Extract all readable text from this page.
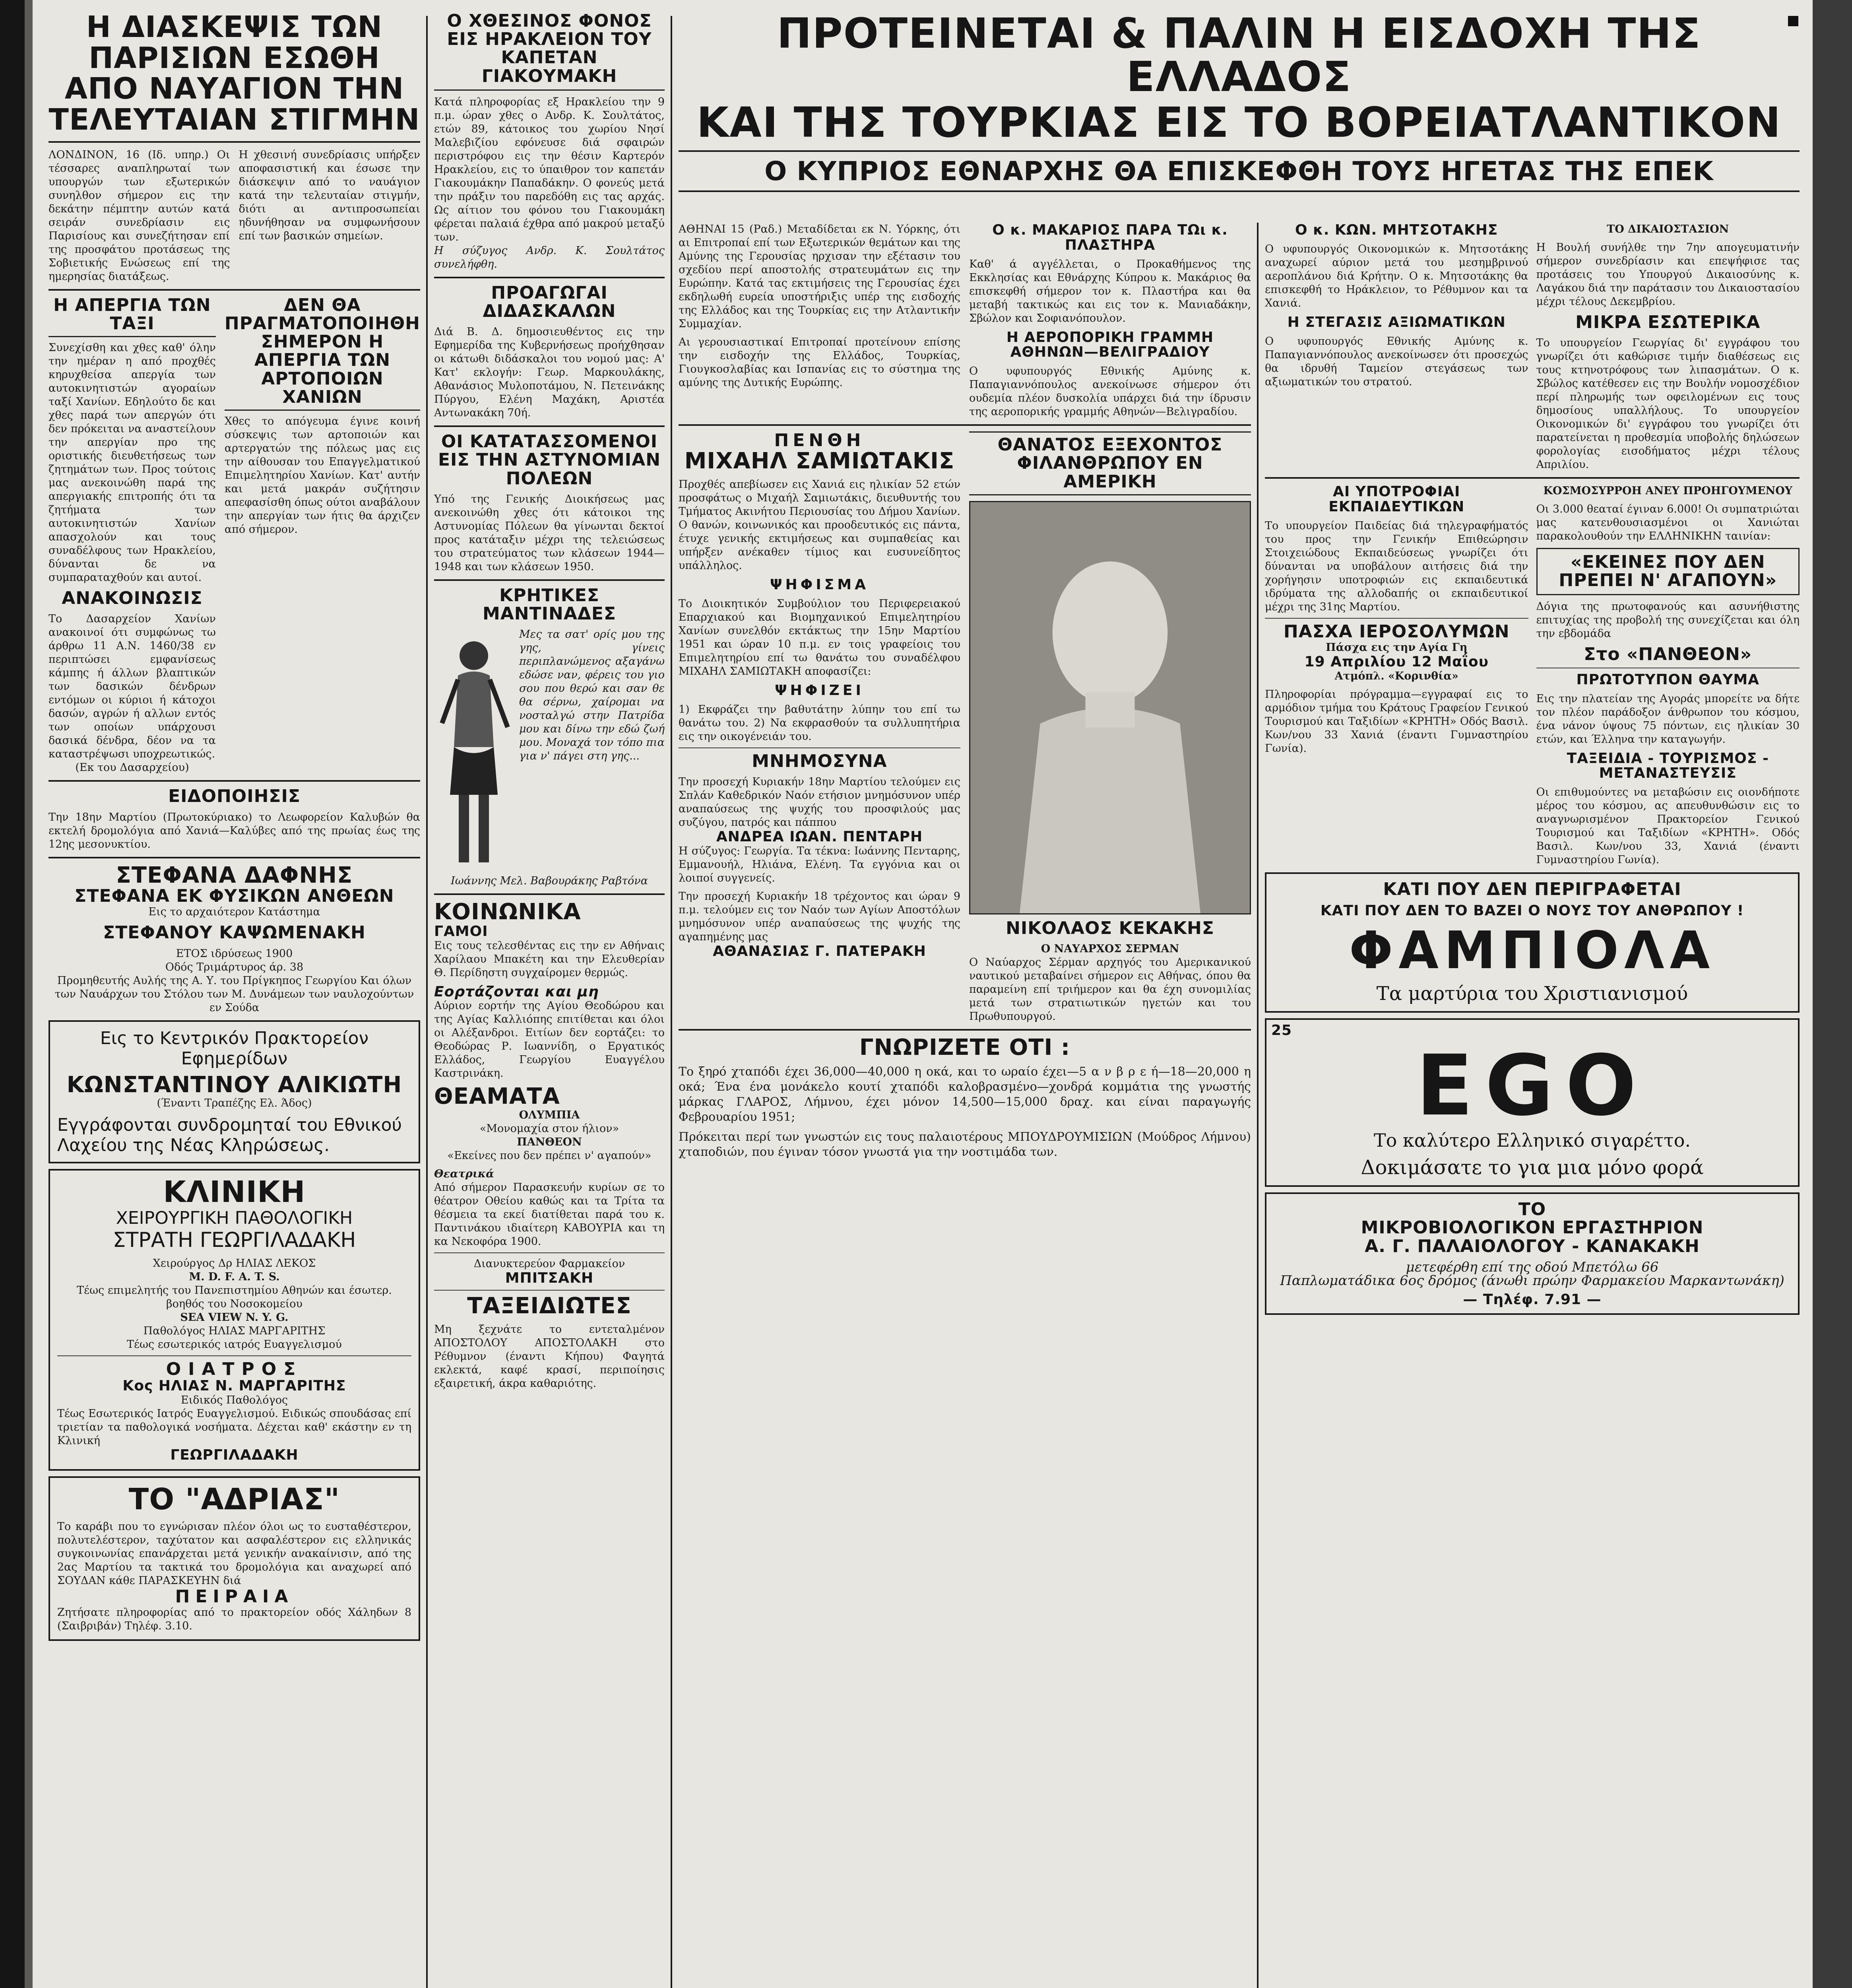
Η ΔΙΑΣΚΕΨΙΣ ΤΩΝ ΠΑΡΙΣΙΩΝ ΕΣΩΘΗ ΑΠΟ ΝΑΥΑΓΙΟΝ ΤΗΝ ΤΕΛΕΥΤΑΙΑΝ ΣΤΙΓΜΗΝ
ΛΟΝΔΙΝΟΝ, 16 (Ιδ. υπηρ.) Οι τέσσαρες αναπληρωταί των υπουργών των εξωτερικών συνηλθον σήμερον εις την δεκάτην πέμπτην αυτών κατά σειράν συνεδρίασιν εις Παρισίους και συνεζήτησαν επί της προσφάτου προτάσεως της Σοβιετικής Ενώσεως επί της ημερησίας διατάξεως.
Η χθεσινή συνεδρίασις υπήρξεν αποφασιστική και έσωσε την διάσκεψιν από το ναυάγιον κατά την τελευταίαν στιγμήν, διότι αι αντιπροσωπείαι ηδυνήθησαν να συμφωνήσουν επί των βασικών σημείων.
Η ΑΠΕΡΓΙΑ ΤΩΝ ΤΑΞΙ
Συνεχίσθη και χθες καθ' όλην την ημέραν η από προχθές κηρυχθείσα απεργία των αυτοκινητιστών αγοραίων ταξί Χανίων. Εδηλούτο δε και χθες παρά των απεργών ότι δεν πρόκειται να αναστείλουν την απεργίαν προ της οριστικής διευθετήσεως των ζητημάτων των. Προς τούτοις μας ανεκοινώθη παρά της απεργιακής επιτροπής ότι τα ζητήματα των αυτοκινητιστών Χανίων απασχολούν και τους συναδέλφους των Ηρακλείου, δύνανται δε να συμπαραταχθούν και αυτοί.
ΑΝΑΚΟΙΝΩΣΙΣ
Το Δασαρχείον Χανίων ανακοινοί ότι συμφώνως τω άρθρω 11 Α.Ν. 1460/38 εν περιπτώσει εμφανίσεως κάμπης ή άλλων βλαπτικών των δασικών δένδρων εντόμων οι κύριοι ή κάτοχοι δασών, αγρών ή αλλων εντός των οποίων υπάρχουσι δασικά δένδρα, δέον να τα καταστρέψωσι υποχρεωτικώς.
(Εκ του Δασαρχείου)
ΔΕΝ ΘΑ ΠΡΑΓΜΑΤΟΠΟΙΗΘΗ ΣΗΜΕΡΟΝ Η ΑΠΕΡΓΙΑ ΤΩΝ ΑΡΤΟΠΟΙΩΝ ΧΑΝΙΩΝ
Χθες το απόγευμα έγινε κοινή σύσκεψις των αρτοποιών και αρτεργατών της πόλεως μας εις την αίθουσαν του Επαγγελματικού Επιμελητηρίου Χανίων. Κατ' αυτήν και μετά μακράν συζήτησιν απεφασίσθη όπως ούτοι αναβάλουν την απεργίαν των ήτις θα άρχιζεν από σήμερον.
ΕΙΔΟΠΟΙΗΣΙΣ
Την 18ην Μαρτίου (Πρωτοκύριακο) το Λεωφορείον Καλυβών θα εκτελή δρομολόγια από Χανιά—Καλύβες από της πρωίας έως της 12ης μεσονυκτίου.
ΣΤΕΦΑΝΑ ΔΑΦΝΗΣ
ΣΤΕΦΑΝΑ ΕΚ ΦΥΣΙΚΩΝ ΑΝΘΕΩΝ
Εις το αρχαιότερον Κατάστημα
ΣΤΕΦΑΝΟΥ ΚΑΨΩΜΕΝΑΚΗ
ΕΤΟΣ ιδρύσεως 1900
Οδός Τριμάρτυρος άρ. 38
Προμηθευτής Αυλής της Α. Υ. του Πρίγκηπος Γεωργίου Και όλων των Ναυάρχων του Στόλου των Μ. Δυνάμεων των ναυλοχούντων εν Σούδα
Εις το Κεντρικόν Πρακτορείον Εφημερίδων
ΚΩΝΣΤΑΝΤΙΝΟΥ ΑΛΙΚΙΩΤΗ
(Έναντι Τραπέζης Ελ. Άδος)
Εγγράφονται συνδρομηταί του Εθνικού Λαχείου της Νέας Κληρώσεως.
ΚΛΙΝΙΚΗ
ΧΕΙΡΟΥΡΓΙΚΗ ΠΑΘΟΛΟΓΙΚΗ
ΣΤΡΑΤΗ ΓΕΩΡΓΙΛΑΔΑΚΗ
Χειρούργος Δρ ΗΛΙΑΣ ΛΕΚΟΣ
M. D. F. A. T. S.
Τέως επιμελητής του Πανεπιστημίου Αθηνών και έσωτερ. βοηθός του Νοσοκομείου
SEA VIEW N. Y. G.
Παθολόγος ΗΛΙΑΣ ΜΑΡΓΑΡΙΤΗΣ
Τέως εσωτερικός ιατρός Ευαγγελισμού
ΟΙΑΤΡΟΣ
Κος ΗΛΙΑΣ Ν. ΜΑΡΓΑΡΙΤΗΣ
Ειδικός Παθολόγος
Τέως Εσωτερικός Ιατρός Ευαγγελισμού. Ειδικώς σπουδάσας επί τριετίαν τα παθολογικά νοσήματα. Δέχεται καθ' εκάστην εν τη Κλινική
ΓΕΩΡΓΙΛΑΔΑΚΗ
ΤΟ "ΑΔΡΙΑΣ"
Το καράβι που το εγνώρισαν πλέον όλοι ως το ευσταθέστερον, πολυτελέστερον, ταχύτατον και ασφαλέστερον εις ελληνικάς συγκοινωνίας επανάρχεται μετά γενικήν ανακαίνισιν, από της 2ας Μαρτίου τα τακτικά του δρομολόγια και αναχωρεί από ΣΟΥΔΑΝ κάθε ΠΑΡΑΣΚΕΥΗΝ διά
ΠΕΙΡΑΙΑ
Ζητήσατε πληροφορίας από το πρακτορείον οδός Χάληδων 8 (Σαιβριβάν) Τηλέφ. 3.10.
Ο ΧΘΕΣΙΝΟΣ ΦΟΝΟΣ ΕΙΣ ΗΡΑΚΛΕΙΟΝ ΤΟΥ ΚΑΠΕΤΑΝ ΓΙΑΚΟΥΜΑΚΗ
Κατά πληροφορίας εξ Ηρακλείου την 9 π.μ. ώραν χθες ο Ανδρ. Κ. Σουλτάτος, ετών 89, κάτοικος του χωρίου Νησί Μαλεβιζίου εφόνευσε διά σφαιρών περιστρόφου εις την θέσιν Καρτερόν Ηρακλείου, εις το ύπαιθρον τον καπετάν Γιακουμάκην Παπαδάκην. Ο φονεύς μετά την πράξιν του παρεδόθη εις τας αρχάς. Ως αίτιον του φόνου του Γιακουμάκη φέρεται παλαιά έχθρα από μακρού μεταξύ των.
Η σύζυγος Ανδρ. Κ. Σουλτάτος συνελήφθη.
ΠΡΟΑΓΩΓΑΙ ΔΙΔΑΣΚΑΛΩΝ
Διά Β. Δ. δημοσιευθέντος εις την Εφημερίδα της Κυβερνήσεως προήχθησαν οι κάτωθι διδάσκαλοι του νομού μας: Α' Κατ' εκλογήν: Γεωρ. Μαρκουλάκης, Αθανάσιος Μυλοποτάμου, Ν. Πετεινάκης Πύργου, Ελένη Μαχάκη, Αριστέα Αντωνακάκη 70ή.
ΟΙ ΚΑΤΑΤΑΣΣΟΜΕΝΟΙ ΕΙΣ ΤΗΝ ΑΣΤΥΝΟΜΙΑΝ ΠΟΛΕΩΝ
Υπό της Γενικής Διοικήσεως μας ανεκοινώθη χθες ότι κάτοικοι της Αστυνομίας Πόλεων θα γίνωνται δεκτοί προς κατάταξιν μέχρι της τελειώσεως του στρατεύματος των κλάσεων 1944—1948 και των κλάσεων 1950.
ΚΡΗΤΙΚΕΣ ΜΑΝΤΙΝΑΔΕΣ
Μες τα σατ' ορίς μου της γης, γίνεις περιπλανώμενος αξαγάνω εδώσε ναν, φέρεις του γιο σου που θερώ και σαν θε θα σέρνω, χαίρομαι να νοσταλγώ στην Πατρίδα μου και δίνω την εδώ ζωή μου. Μοναχά τον τόπο πια για ν' πάγει στη γης...
Ιωάννης Μελ. Βαβουράκης Ραβτόνα
ΚΟΙΝΩΝΙΚΑ
ΓΑΜΟΙ
Εις τους τελεσθέντας εις την εν Αθήναις Χαρίλαου Μπακέτη και την Ελευθερίαν Θ. Περίδηστη συγχαίρομεν θερμώς.
Εορτάζονται και μη
Αύριον εορτήν της Αγίου Θεοδώρου και της Αγίας Καλλιόπης επιτίθεται και όλοι οι Αλέξανδροι. Ειτίων δεν εορτάζει: το Θεοδώρας Ρ. Ιωαννίδη, ο Εργατικός Ελλάδος, Γεωργίου Ευαγγέλου Καστρινάκη.
ΘΕΑΜΑΤΑ
ΟΛΥΜΠΙΑ
«Μονομαχία στον ήλιον»
ΠΑΝΘΕΟΝ
«Εκείνες που δεν πρέπει ν' αγαπούν»
Θεατρικά
Από σήμερον Παρασκευήν κυρίων σε το θέατρον Οθείου καθώς και τα Τρίτα τα θέσμεια τα εκεί διατίθεται παρά του κ. Παντινάκου ιδιαίτερη ΚΑΒΟΥΡΙΑ και τη κα Νεκοφόρα 1900.
Διανυκτερεύον Φαρμακείον
ΜΠΙΤΣΑΚΗ
ΤΑΞΕΙΔΙΩΤΕΣ
Μη ξεχνάτε το εντεταλμένον ΑΠΟΣΤΟΛΟΥ ΑΠΟΣΤΟΛΑΚΗ στο Ρέθυμνον (έναντι Κήπου) Φαγητά εκλεκτά, καφέ κρασί, περιποίησις εξαιρετική, άκρα καθαριότης.
ΠΡΟΤΕΙΝΕΤΑΙ & ΠΑΛΙΝ Η ΕΙΣΔΟΧΗ ΤΗΣ ΕΛΛΑΔΟΣ
ΚΑΙ ΤΗΣ ΤΟΥΡΚΙΑΣ ΕΙΣ ΤΟ ΒΟΡΕΙΑΤΛΑΝΤΙΚΟΝ
Ο ΚΥΠΡΙΟΣ ΕΘΝΑΡΧΗΣ ΘΑ ΕΠΙΣΚΕΦΘΗ ΤΟΥΣ ΗΓΕΤΑΣ ΤΗΣ ΕΠΕΚ
ΑΘΗΝΑΙ 15 (Ραδ.) Μεταδίδεται εκ Ν. Υόρκης, ότι αι Επιτροπαί επί των Εξωτερικών θεμάτων και της Αμύνης της Γερουσίας ηρχισαν την εξέτασιν του σχεδίου περί αποστολής στρατευμάτων εις την Ευρώπην. Κατά τας εκτιμήσεις της Γερουσίας έχει εκδηλωθή ευρεία υποστήριξις υπέρ της εισδοχής της Ελλάδος και της Τουρκίας εις την Ατλαντικήν Συμμαχίαν.
Αι γερουσιαστικαί Επιτροπαί προτείνουν επίσης την εισδοχήν της Ελλάδος, Τουρκίας, Γιουγκοσλαβίας και Ισπανίας εις το σύστημα της αμύνης της Δυτικής Ευρώπης.
Ο κ. ΜΑΚΑΡΙΟΣ ΠΑΡΑ ΤΩι κ. ΠΛΑΣΤΗΡΑ
Καθ' ά αγγέλλεται, ο Προκαθήμενος της Εκκλησίας και Εθνάρχης Κύπρου κ. Μακάριος θα επισκεφθή σήμερον τον κ. Πλαστήρα και θα μεταβή τακτικώς και εις τον κ. Μανιαδάκην, Σβώλον και Σοφιανόπουλον.
Η ΑΕΡΟΠΟΡΙΚΗ ΓΡΑΜΜΗ ΑΘΗΝΩΝ—ΒΕΛΙΓΡΑΔΙΟΥ
Ο υφυπουργός Εθνικής Αμύνης κ. Παπαγιαννόπουλος ανεκοίνωσε σήμερον ότι ουδεμία πλέον δυσκολία υπάρχει διά την ίδρυσιν της αεροπορικής γραμμής Αθηνών—Βελιγραδίου.
ΠΕΝΘΗ
ΜΙΧΑΗΛ ΣΑΜΙΩΤΑΚΙΣ
Προχθές απεβίωσεν εις Χανιά εις ηλικίαν 52 ετών προσφάτως ο Μιχαήλ Σαμιωτάκις, διευθυντής του Τμήματος Ακινήτου Περιουσίας του Δήμου Χανίων. Ο θανών, κοινωνικός και προοδευτικός εις πάντα, έτυχε γενικής εκτιμήσεως και συμπαθείας και υπήρξεν ανέκαθεν τίμιος και ευσυνείδητος υπάλληλος.
ΨΗΦΙΣΜΑ
Το Διοικητικόν Συμβούλιον του Περιφερειακού Επαρχιακού και Βιομηχανικού Επιμελητηρίου Χανίων συνελθόν εκτάκτως την 15ην Μαρτίου 1951 και ώραν 10 π.μ. εν τοις γραφείοις του Επιμελητηρίου επί τω θανάτω του συναδέλφου ΜΙΧΑΗΛ ΣΑΜΙΩΤΑΚΗ αποφασίζει:
ΨΗΦΙΖΕΙ
1) Εκφράζει την βαθυτάτην λύπην του επί τω θανάτω του. 2) Να εκφρασθούν τα συλλυπητήρια εις την οικογένειάν του.
ΜΝΗΜΟΣΥΝΑ
Την προσεχή Κυριακήν 18ην Μαρτίου τελούμεν εις Σπλάν Καθεδρικόν Ναόν ετήσιον μνημόσυνον υπέρ αναπαύσεως της ψυχής του προσφιλούς μας συζύγου, πατρός και πάππου
ΑΝΔΡΕΑ ΙΩΑΝ. ΠΕΝΤΑΡΗ
Η σύζυγος: Γεωργία. Τα τέκνα: Ιωάννης Πενταρης, Εμμανουήλ, Ηλιάνα, Ελένη. Τα εγγόνια και οι λοιποί συγγενείς.
Την προσεχή Κυριακήν 18 τρέχοντος και ώραν 9 π.μ. τελούμεν εις τον Ναόν των Αγίων Αποστόλων μνημόσυνον υπέρ αναπαύσεως της ψυχής της αγαπημένης μας
ΑΘΑΝΑΣΙΑΣ Γ. ΠΑΤΕΡΑΚΗ
ΘΑΝΑΤΟΣ ΕΞΕΧΟΝΤΟΣ ΦΙΛΑΝΘΡΩΠΟΥ ΕΝ ΑΜΕΡΙΚΗ
ΝΙΚΟΛΑΟΣ ΚΕΚΑΚΗΣ
Ο ΝΑΥΑΡΧΟΣ ΣΕΡΜΑΝ
Ο Ναύαρχος Σέρμαν αρχηγός του Αμερικανικού ναυτικού μεταβαίνει σήμερον εις Αθήνας, όπου θα παραμείνη επί τριήμερον και θα έχη συνομιλίας μετά των στρατιωτικών ηγετών και του Πρωθυπουργού.
ΓΝΩΡΙΖΕΤΕ ΟΤΙ :
Το ξηρό χταπόδι έχει 36,000—40,000 η οκά, και το ωραίο έχει—5 α ν β ρ ε ή—18—20,000 η οκά; Ένα ένα μονάκελο κουτί χταπόδι καλοβρασμένο—χονδρά κομμάτια της γνωστής μάρκας ΓΛΑΡΟΣ, Λήμνου, έχει μόνον 14,500—15,000 δραχ. και είναι παραγωγής Φεβρουαρίου 1951;
Πρόκειται περί των γνωστών εις τους παλαιοτέρους ΜΠΟΥΔΡΟΥΜΙΣΙΩΝ (Μούδρος Λήμνου) χταποδιών, που έγιναν τόσον γνωστά για την νοστιμάδα των.
Ο κ. ΚΩΝ. ΜΗΤΣΟΤΑΚΗΣ
Ο υφυπουργός Οικονομικών κ. Μητσοτάκης αναχωρεί αύριον μετά του μεσημβρινού αεροπλάνου διά Κρήτην. Ο κ. Μητσοτάκης θα επισκεφθή το Ηράκλειον, το Ρέθυμνον και τα Χανιά.
Η ΣΤΕΓΑΣΙΣ ΑΞΙΩΜΑΤΙΚΩΝ
Ο υφυπουργός Εθνικής Αμύνης κ. Παπαγιαννόπουλος ανεκοίνωσεν ότι προσεχώς θα ιδρυθή Ταμείον στεγάσεως των αξιωματικών του στρατού.
ΤΟ ΔΙΚΑΙΟΣΤΑΣΙΟΝ
Η Βουλή συνήλθε την 7ην απογευματινήν σήμερον συνεδρίασιν και επεψήφισε τας προτάσεις του Υπουργού Δικαιοσύνης κ. Λαγάκου διά την παράτασιν του Δικαιοστασίου μέχρι τέλους Δεκεμβρίου.
ΜΙΚΡΑ ΕΣΩΤΕΡΙΚΑ
Το υπουργείον Γεωργίας δι' εγγράφου του γνωρίζει ότι καθώρισε τιμήν διαθέσεως εις τους κτηνοτρόφους των λιπασμάτων. Ο κ. Σβώλος κατέθεσεν εις την Βουλήν νομοσχέδιον περί πληρωμής των οφειλομένων εις τους δημοσίους υπαλλήλους. Το υπουργείον Οικονομικών δι' εγγράφου του γνωρίζει ότι παρατείνεται η προθεσμία υποβολής δηλώσεων φορολογίας εισοδήματος μέχρι τέλους Απριλίου.
ΑΙ ΥΠΟΤΡΟΦΙΑΙ ΕΚΠΑΙΔΕΥΤΙΚΩΝ
Το υπουργείον Παιδείας διά τηλεγραφήματός του προς την Γενικήν Επιθεώρησιν Στοιχειώδους Εκπαιδεύσεως γνωρίζει ότι δύνανται να υποβάλουν αιτήσεις διά την χορήγησιν υποτροφιών εις εκπαιδευτικά ιδρύματα της αλλοδαπής οι εκπαιδευτικοί μέχρι της 31ης Μαρτίου.
ΠΑΣΧΑ ΙΕΡΟΣΟΛΥΜΩΝ
Πάσχα εις την Αγία Γη
19 Απριλίου 12 Μαΐου
Ατμόπλ. «Κορινθία»
Πληροφορίαι πρόγραμμα—εγγραφαί εις το αρμόδιον τμήμα του Κράτους Γραφείον Γενικού Τουρισμού και Ταξιδίων «ΚΡΗΤΗ» Οδός Βασιλ. Κων/νου 33 Χανιά (έναντι Γυμναστηρίου Γωνία).
ΚΟΣΜΟΣΥΡΡΟΗ ΑΝΕΥ ΠΡΟΗΓΟΥΜΕΝΟΥ
Οι 3.000 θεαταί έγιναν 6.000! Οι συμπατριώται μας κατενθουσιασμένοι οι Χανιώται παρακολουθούν την ΕΛΛΗΝΙΚΗΝ ταινίαν:
«ΕΚΕΙΝΕΣ ΠΟΥ ΔΕΝ ΠΡΕΠΕΙ Ν' ΑΓΑΠΟΥΝ»
Δόγια της πρωτοφανούς και ασυνήθιστης επιτυχίας της προβολή της συνεχίζεται και όλη την εβδομάδα
Στο «ΠΑΝΘΕΟΝ»
ΠΡΩΤΟΤΥΠΟΝ ΘΑΥΜΑ
Εις την πλατείαν της Αγοράς μπορείτε να δήτε τον πλέον παράδοξον άνθρωπον του κόσμου, ένα νάνον ύψους 75 πόντων, εις ηλικίαν 30 ετών, και Έλληνα την καταγωγήν.
ΤΑΞΕΙΔΙΑ - ΤΟΥΡΙΣΜΟΣ - ΜΕΤΑΝΑΣΤΕΥΣΙΣ
Οι επιθυμούντες να μεταβώσιν εις οιονδήποτε μέρος του κόσμου, ας απευθυνθώσιν εις το αναγνωρισμένον Πρακτορείον Γενικού Τουρισμού και Ταξιδίων «ΚΡΗΤΗ». Οδός Βασιλ. Κων/νου 33, Χανιά (έναντι Γυμναστηρίου Γωνία).
ΚΑΤΙ ΠΟΥ ΔΕΝ ΠΕΡΙΓΡΑΦΕΤΑΙ
ΚΑΤΙ ΠΟΥ ΔΕΝ ΤΟ ΒΑΖΕΙ Ο ΝΟΥΣ ΤΟΥ ΑΝΘΡΩΠΟΥ !
ΦΑΜΠΙΟΛΑ
Τα μαρτύρια του Χριστιανισμού
25
EGO
Το καλύτερο Ελληνικό σιγαρέττο.
Δοκιμάσατε το για μια μόνο φορά
ΤΟ
ΜΙΚΡΟΒΙΟΛΟΓΙΚΟΝ ΕΡΓΑΣΤΗΡΙΟΝ
Α. Γ. ΠΑΛΑΙΟΛΟΓΟΥ - ΚΑΝΑΚΑΚΗ
μετεφέρθη επί της οδού Μπετόλω 66
Παπλωματάδικα 6ος δρόμος (άνωθι πρώην Φαρμακείου Μαρκαντωνάκη)
— Τηλέφ. 7.91 —
